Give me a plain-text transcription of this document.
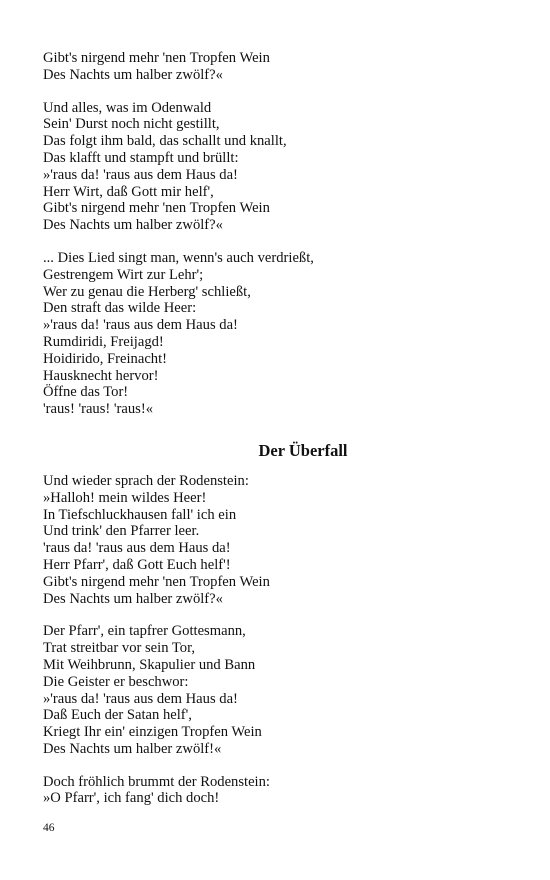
Gibt's nirgend mehr 'nen Tropfen Wein
Des Nachts um halber zwölf?«
Und alles, was im Odenwald
Sein' Durst noch nicht gestillt,
Das folgt ihm bald, das schallt und knallt,
Das klafft und stampft und brüllt:
»'raus da! 'raus aus dem Haus da!
Herr Wirt, daß Gott mir helf',
Gibt's nirgend mehr 'nen Tropfen Wein
Des Nachts um halber zwölf?«
... Dies Lied singt man, wenn's auch verdrießt,
Gestrengem Wirt zur Lehr';
Wer zu genau die Herberg' schließt,
Den straft das wilde Heer:
»'raus da! 'raus aus dem Haus da!
Rumdiridi, Freijagd!
Hoidirido, Freinacht!
Hausknecht hervor!
Öffne das Tor!
'raus! 'raus! 'raus!«
Der Überfall
Und wieder sprach der Rodenstein:
»Halloh! mein wildes Heer!
In Tiefschluckhausen fall' ich ein
Und trink' den Pfarrer leer.
'raus da! 'raus aus dem Haus da!
Herr Pfarr', daß Gott Euch helf'!
Gibt's nirgend mehr 'nen Tropfen Wein
Des Nachts um halber zwölf?«
Der Pfarr', ein tapfrer Gottesmann,
Trat streitbar vor sein Tor,
Mit Weihbrunn, Skapulier und Bann
Die Geister er beschwor:
»'raus da! 'raus aus dem Haus da!
Daß Euch der Satan helf',
Kriegt Ihr ein' einzigen Tropfen Wein
Des Nachts um halber zwölf!«
Doch fröhlich brummt der Rodenstein:
»O Pfarr', ich fang' dich doch!
46
